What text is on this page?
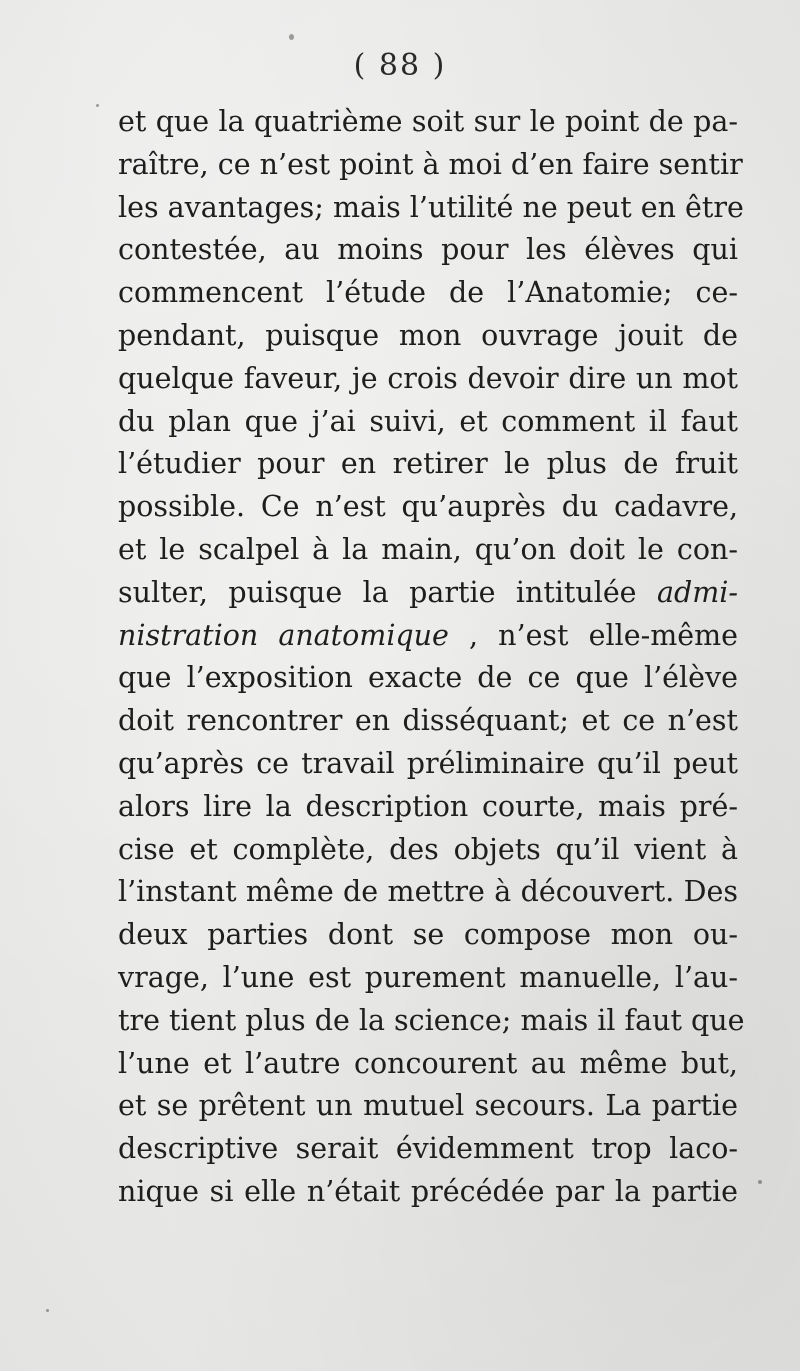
( 88 )
et que la quatrième soit sur le point de pa-
raître, ce n’est point à moi d’en faire sentir
les avantages; mais l’utilité ne peut en être
contestée, au moins pour les élèves qui
commencent l’étude de l’Anatomie; ce-
pendant, puisque mon ouvrage jouit de
quelque faveur, je crois devoir dire un mot
du plan que j’ai suivi, et comment il faut
l’étudier pour en retirer le plus de fruit
possible. Ce n’est qu’auprès du cadavre,
et le scalpel à la main, qu’on doit le con-
sulter, puisque la partie intitulée admi-
nistration anatomique , n’est elle-même
que l’exposition exacte de ce que l’élève
doit rencontrer en disséquant; et ce n’est
qu’après ce travail préliminaire qu’il peut
alors lire la description courte, mais pré-
cise et complète, des objets qu’il vient à
l’instant même de mettre à découvert. Des
deux parties dont se compose mon ou-
vrage, l’une est purement manuelle, l’au-
tre tient plus de la science; mais il faut que
l’une et l’autre concourent au même but,
et se prêtent un mutuel secours. La partie
descriptive serait évidemment trop laco-
nique si elle n’était précédée par la partie
